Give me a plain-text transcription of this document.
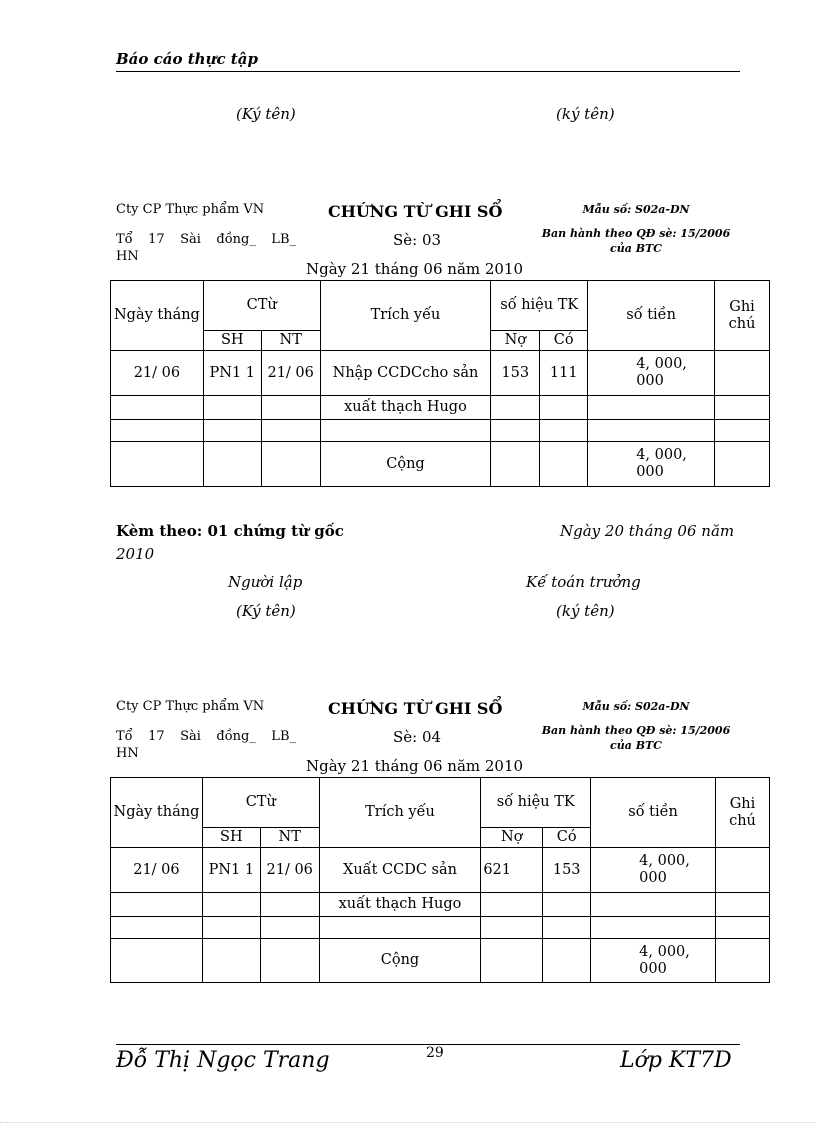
Báo cáo thực tập
(Ký tên)	(ký tên)
Cty CP Thực phẩm VN
Tổ 17 Sài đồng_ LB_
HN
CHỨNG TỪ GHI SỔ
Sè: 03
Mẫu số: S02a-DN
Ban hành theo QĐ sè: 15/2006
của BTC
Ngày 21 tháng 06 năm 2010
Ngày tháng	CTừ		Trích yếu	số hiệu TK		số tiền	Ghi chú
	SH	NT		Nợ	Có		
21/ 06	PN1 1	21/ 06	Nhập CCDCcho sản	153	111	4, 000, 000	
			xuất thạch Hugo				

			Cộng			4, 000, 000	
Kèm theo: 01 chứng từ gốc	Ngày 20 tháng 06 năm
2010
Người lập	Kế toán trưởng
(Ký tên)	(ký tên)
Cty CP Thực phẩm VN
Tổ 17 Sài đồng_ LB_
HN
CHỨNG TỪ GHI SỔ
Sè: 04
Mẫu số: S02a-DN
Ban hành theo QĐ sè: 15/2006
của BTC
Ngày 21 tháng 06 năm 2010
Ngày tháng	CTừ		Trích yếu	số hiệu TK		số tiền	Ghi chú
	SH	NT		Nợ	Có		
21/ 06	PN1 1	21/ 06	Xuất CCDC sản	621	153	4, 000, 000	
			xuất thạch Hugo				

			Cộng			4, 000, 000	
Đỗ Thị Ngọc Trang	29	Lớp KT7D
